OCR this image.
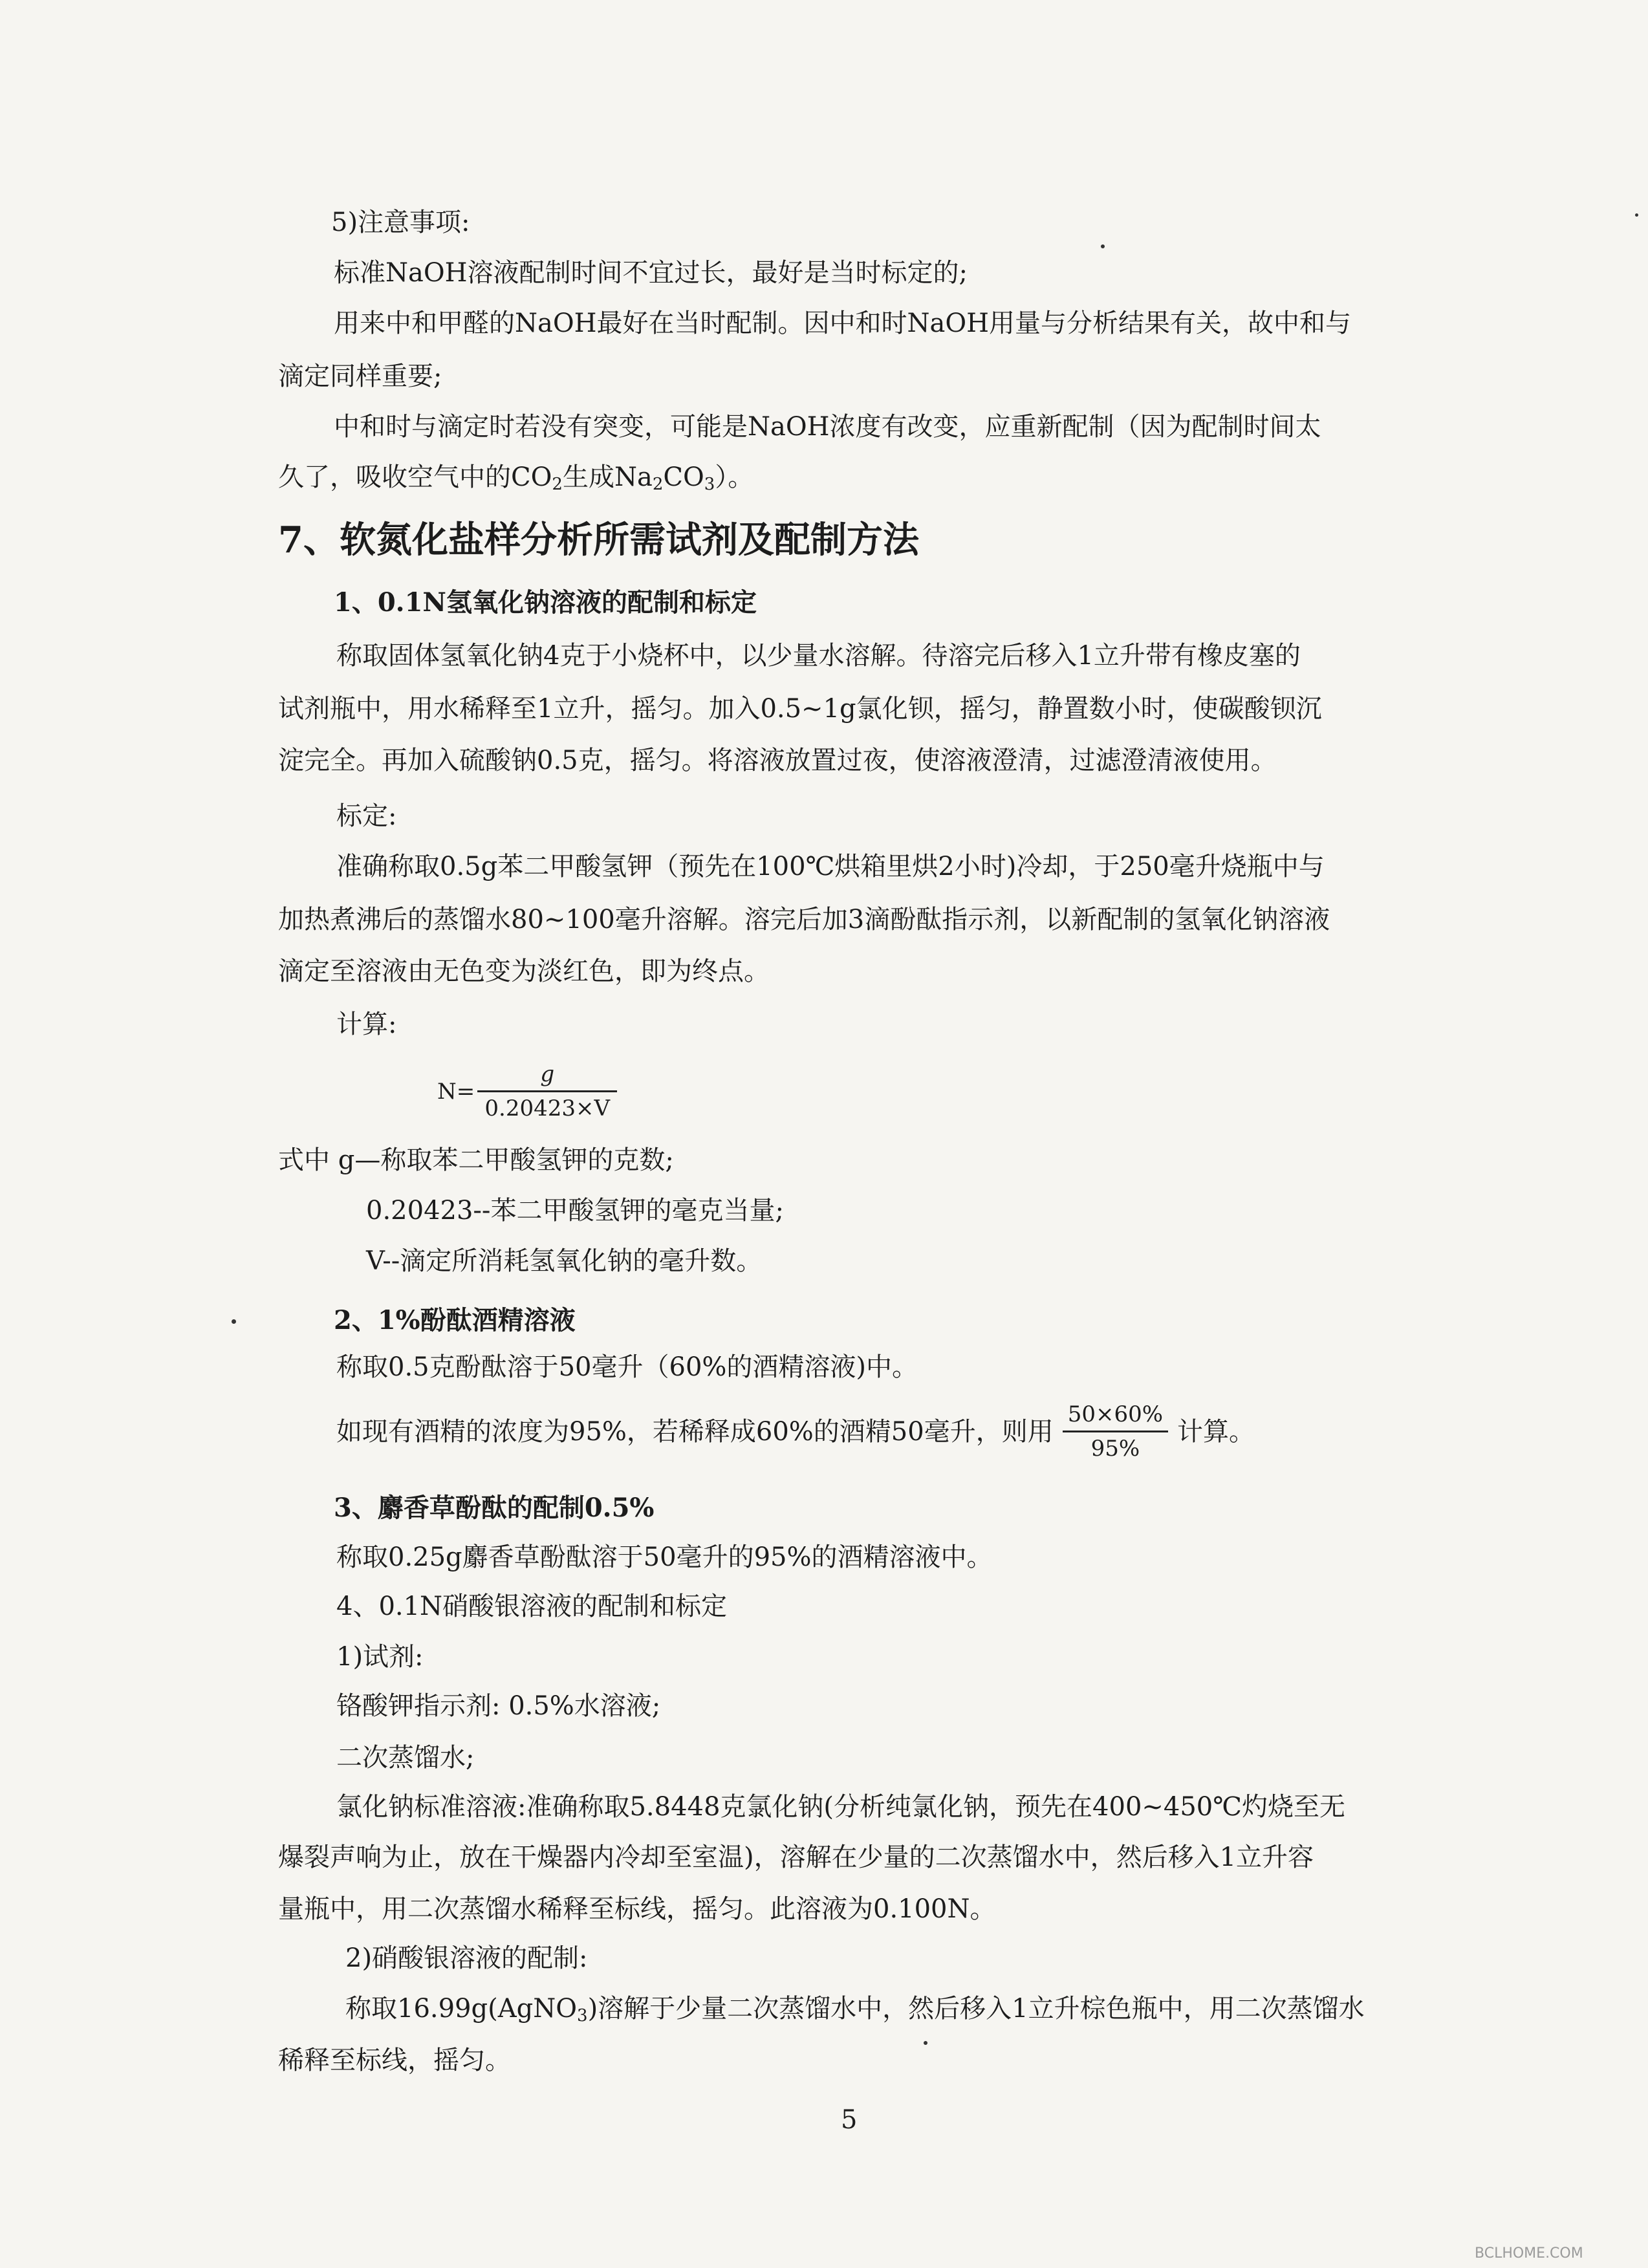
5)注意事项:
标准NaOH溶液配制时间不宜过长，最好是当时标定的;
用来中和甲醛的NaOH最好在当时配制。因中和时NaOH用量与分析结果有关，故中和与
滴定同样重要;
中和时与滴定时若没有突变，可能是NaOH浓度有改变，应重新配制（因为配制时间太
久了，吸收空气中的$CO_2$生成$Na_2CO_3$）。
7、软氮化盐样分析所需试剂及配制方法
1、0.1N氢氧化钠溶液的配制和标定
称取固体氢氧化钠4克于小烧杯中，以少量水溶解。待溶完后移入1立升带有橡皮塞的
试剂瓶中，用水稀释至1立升，摇匀。加入0.5~1g氯化钡，摇匀，静置数小时，使碳酸钡沉
淀完全。再加入硫酸钠0.5克，摇匀。将溶液放置过夜，使溶液澄清，过滤澄清液使用。
标定:
准确称取0.5g苯二甲酸氢钾（预先在100℃烘箱里烘2小时)冷却，于250毫升烧瓶中与
加热煮沸后的蒸馏水80~100毫升溶解。溶完后加3滴酚酞指示剂，以新配制的氢氧化钠溶液
滴定至溶液由无色变为淡红色，即为终点。
计算:
$N= \frac{g}{0.20423\times V}$
式中 g—称取苯二甲酸氢钾的克数;
0.20423--苯二甲酸氢钾的毫克当量;
V--滴定所消耗氢氧化钠的毫升数。
2、1%酚酞酒精溶液
称取0.5克酚酞溶于50毫升（60%的酒精溶液)中。
如现有酒精的浓度为95%，若稀释成60%的酒精50毫升，则用 $\frac{50\times 60\%}{95\%}$ 计算。
3、麝香草酚酞的配制0.5%
称取0.25g麝香草酚酞溶于50毫升的95%的酒精溶液中。
4、0.1N硝酸银溶液的配制和标定
1)试剂:
铬酸钾指示剂: 0.5%水溶液;
二次蒸馏水;
氯化钠标准溶液:准确称取5.8448克氯化钠(分析纯氯化钠，预先在400~450℃灼烧至无
爆裂声响为止，放在干燥器内冷却至室温)，溶解在少量的二次蒸馏水中，然后移入1立升容
量瓶中，用二次蒸馏水稀释至标线，摇匀。此溶液为0.100N。
2)硝酸银溶液的配制:
称取16.99g(AgNO$_3$)溶解于少量二次蒸馏水中，然后移入1立升棕色瓶中，用二次蒸馏水
稀释至标线，摇匀。
5
BCLHOME.COM
